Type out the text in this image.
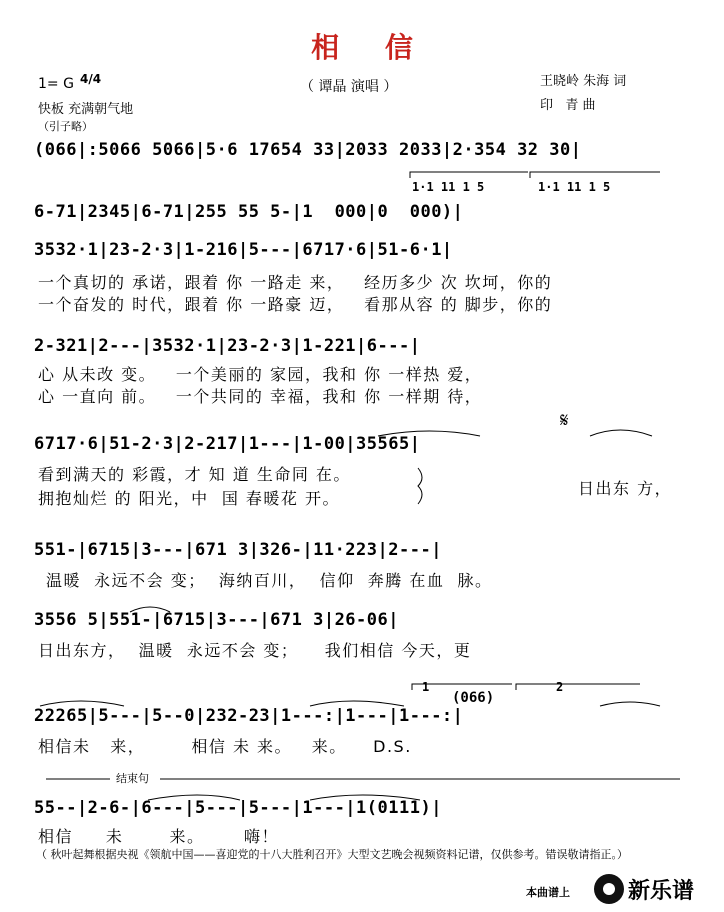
相 信
（ 谭晶 演唱 ）
1= G 4/4
快板 充满朝气地
（引子略）
王晓岭 朱海 词
印   青 曲
(066|:5066 5066|5·6 17654 33|2033 2033|2·354 32 30|
1·1 11 1 5	1·1 11 1 5
6-71|2345|6-71|255 55 5-|1  000|0  000)|
3532·1|23-2·3|1-216|5---|6717·6|51-6·1|
一个真切的 承诺，跟着 你 一路走 来，   经历多少 次 坎坷，你的
一个奋发的 时代，跟着 你 一路豪 迈，   看那从容 的 脚步，你的
2-321|2---|3532·1|23-2·3|1-221|6---|
心 从未改 变。   一个美丽的 家园，我和 你 一样热 爱，
心 一直向 前。   一个共同的 幸福，我和 你 一样期 待，
𝄋
6717·6|51-2·3|2-217|1---|1-00|35565|
看到满天的 彩霞，才 知 道 生命同 在。
拥抱灿烂 的 阳光，中  国 春暖花 开。
日出东 方，
551-|6715|3---|671 3|326-|11·223|2---|
温暖  永远不会 变；  海纳百川，  信仰  奔腾 在血  脉。
3556 5|551-|6715|3---|671 3|26-06|
日出东方，  温暖  永远不会 变；    我们相信 今天，更
1	2
(066)
22265|5---|5--0|232-23|1---:|1---|1---:|
相信未   来，       相信 未 来。   来。    D.S.
结束句
55--|2-6-|6---|5---|5---|1---|1(0111)|
相信     未       来。      嗨！
（ 秋叶起舞根据央视《领航中国——喜迎党的十八大胜利召开》大型文艺晚会视频资料记谱，仅供参考。错误敬请指正。）
本曲谱上	新乐谱
